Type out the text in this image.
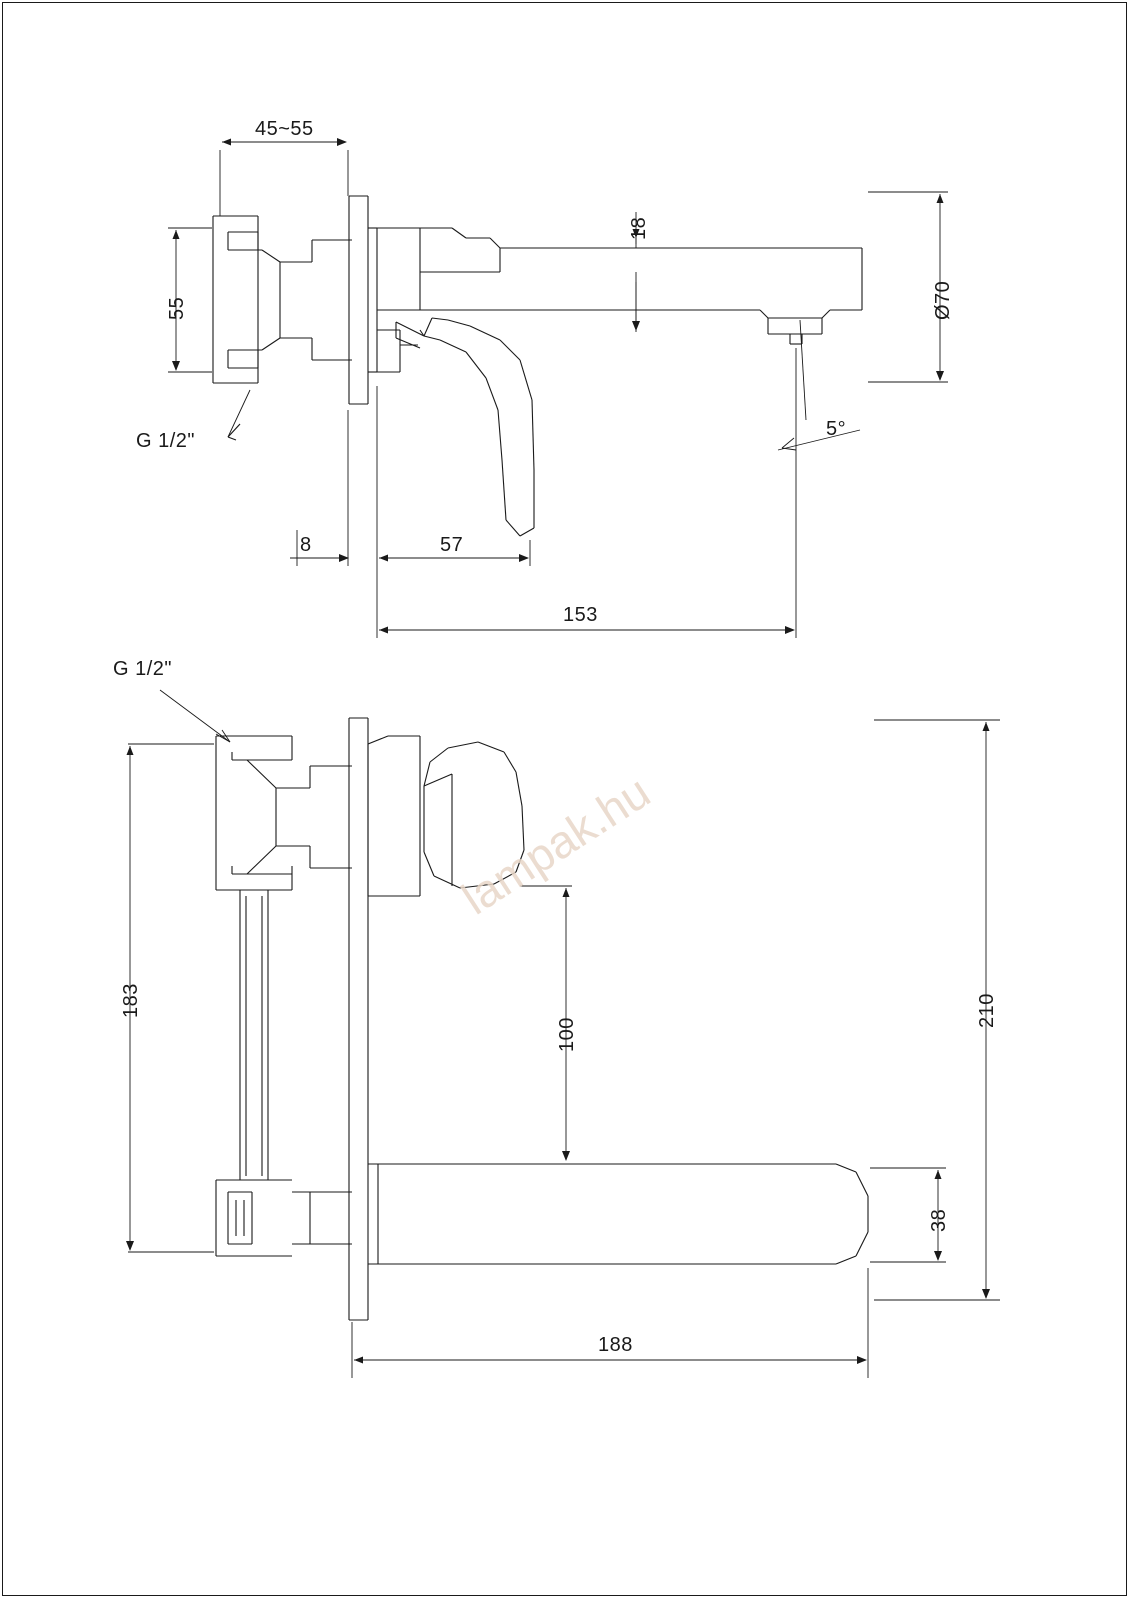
lampak.hu
45~55
55
G 1/2"
18
Ø70
5°
8	57
153
G 1/2"
183
100
210
38
188
